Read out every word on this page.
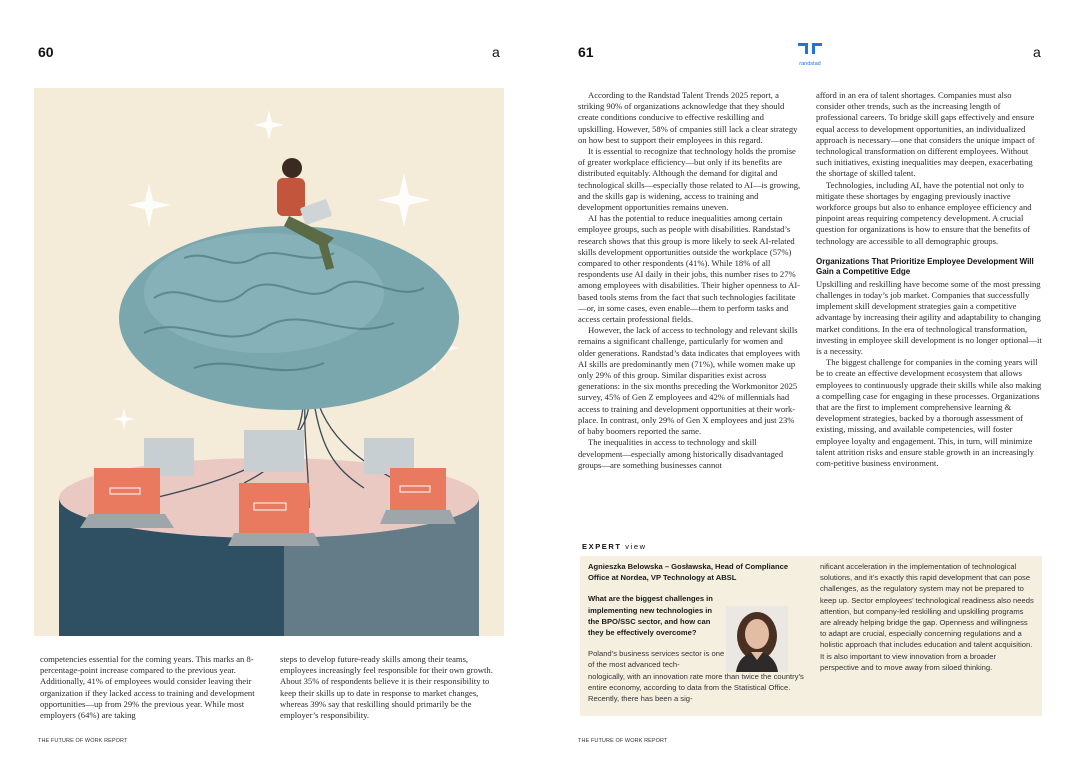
60	a

competencies essential for the coming years. This marks an 8-percentage-point increase compared to the previous year. Additionally, 41% of employees would consider leaving their organization if they lacked access to training and development opportunities—up from 29% the previous year. While most employers (64%) are taking

steps to develop future-ready skills among their teams, employees increasingly feel responsible for their own growth. About 35% of respondents believe it is their responsibility to keep their skills up to date in response to market changes, whereas 39% say that reskilling should primarily be the employer’s responsibility.

THE FUTURE OF WORK REPORT
61
randstad
a

According to the Randstad Talent Trends 2025 report, a striking 90% of organizations acknowledge that they should create conditions conducive to effective reskilling and upskilling. However, 58% of cmpanies still lack a clear strategy on how best to support their employees in this regard.

It is essential to recognize that technology holds the promise of greater workplace efficiency—but only if its benefits are distributed equitably. Although the demand for digital and technological skills—especially those related to AI—is growing, and the skills gap is widening, access to training and development opportunities remains uneven.

AI has the potential to reduce inequalities among certain employee groups, such as people with disabilities. Randstad’s research shows that this group is more likely to seek AI-related skills development opportunities outside the workplace (57%) compared to other respondents (41%). While 18% of all respondents use AI daily in their jobs, this number rises to 27% among employees with disabilities. Their higher openness to AI-based tools stems from the fact that such technologies facilitate—or, in some cases, even enable—them to perform tasks and access certain professional fields.

However, the lack of access to technology and relevant skills remains a significant challenge, particularly for women and older generations. Randstad’s data indicates that employees with AI skills are predominantly men (71%), while women make up only 29% of this group. Similar disparities exist across generations: in the six months preceding the Workmonitor 2025 survey, 45% of Gen Z employees and 42% of millennials had access to training and development opportunities at their work-place. In contrast, only 29% of Gen X employees and just 23% of baby boomers reported the same.

The inequalities in access to technology and skill development—especially among historically disadvantaged groups—are something businesses cannot

afford in an era of talent shortages. Companies must also consider other trends, such as the increasing length of professional careers. To bridge skill gaps effectively and ensure equal access to development opportunities, an individualized approach is necessary—one that considers the unique impact of technological transformation on different employees. Without such initiatives, existing inequalities may deepen, exacerbating the shortage of skilled talent.

Technologies, including AI, have the potential not only to mitigate these shortages by engaging previously inactive workforce groups but also to enhance employee efficiency and pinpoint areas requiring competency development. A crucial question for organizations is how to ensure that the benefits of technology are accessible to all demographic groups.

Organizations That Prioritize Employee Development Will Gain a Competitive Edge

Upskilling and reskilling have become some of the most pressing challenges in today’s job market. Companies that successfully implement skill development strategies gain a competitive advantage by increasing their agility and adaptability to changing market conditions. In the era of technological transformation, investing in employee skill development is no longer optional—it is a necessity.

The biggest challenge for companies in the coming years will be to create an effective development ecosystem that allows employees to continuously upgrade their skills while also making a compelling case for engaging in these processes. Organizations that are the first to implement comprehensive learning & development strategies, backed by a thorough assessment of existing, missing, and available competencies, will foster employee loyalty and engagement. This, in turn, will minimize talent attrition risks and ensure stable growth in an increasingly com-petitive business environment.

EXPERT view
Agnieszka Belowska – Gosławska, Head of Compliance Office at Nordea, VP Technology at ABSL
What are the biggest challenges in implementing new technologies in the BPO/SSC sector, and how can they be effectively overcome?
Poland’s business services sector is one of the most advanced tech-
nologically, with an innovation rate more than twice the country’s entire economy, according to data from the Statistical Office. Recently, there has been a sig-
nificant acceleration in the implementation of technological solutions, and it’s exactly this rapid development that can pose challenges, as the regulatory system may not be prepared to keep up. Sector employees’ technological readiness also needs attention, but company-led reskilling and upskilling programs are already helping bridge the gap. Openness and willingness to adapt are crucial, especially concerning regulations and a holistic approach that includes education and talent acquisition. It is also important to view innovation from a broader perspective and to move away from siloed thinking.
THE FUTURE OF WORK REPORT
